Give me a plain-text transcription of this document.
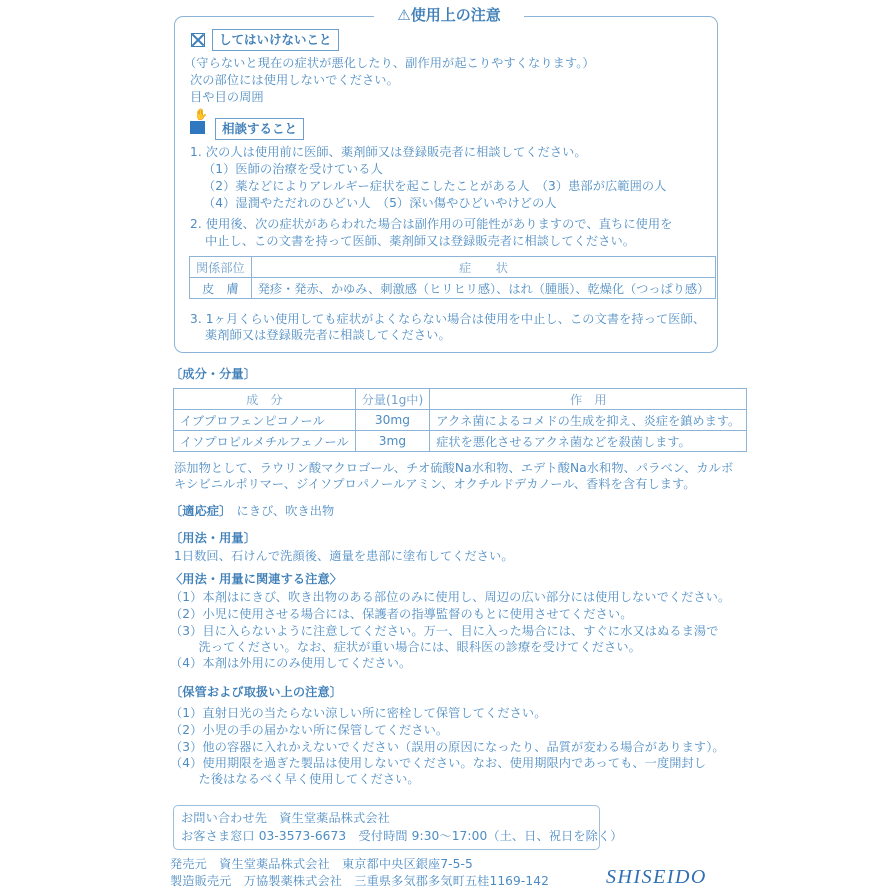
⚠使用上の注意
してはいけないこと
（守らないと現在の症状が悪化したり、副作用が起こりやすくなります。）
次の部位には使用しないでください。
目や目の周囲
✋
相談すること
1. 次の人は使用前に医師、薬剤師又は登録販売者に相談してください。
（1）医師の治療を受けている人
（2）薬などによりアレルギー症状を起こしたことがある人　（3）患部が広範囲の人
（4）湿潤やただれのひどい人　（5）深い傷やひどいやけどの人
2. 使用後、次の症状があらわれた場合は副作用の可能性がありますので、直ちに使用を
中止し、この文書を持って医師、薬剤師又は登録販売者に相談してください。
関係部位	症　　状
皮　膚	発疹・発赤、かゆみ、刺激感（ヒリヒリ感）、はれ（腫脹）、乾燥化（つっぱり感）
3. 1ヶ月くらい使用しても症状がよくならない場合は使用を中止し、この文書を持って医師、
薬剤師又は登録販売者に相談してください。
〔成分・分量〕
成　分	分量(1g中)	作　用
イブプロフェンピコノール	30mg	アクネ菌によるコメドの生成を抑え、炎症を鎮めます。
イソプロピルメチルフェノール	3mg	症状を悪化させるアクネ菌などを殺菌します。
添加物として、ラウリン酸マクロゴール、チオ硫酸Na水和物、エデト酸Na水和物、パラベン、カルボ
キシビニルポリマー、ジイソプロパノールアミン、オクチルドデカノール、香料を含有します。
〔適応症〕 にきび、吹き出物
〔用法・用量〕
1日数回、石けんで洗顔後、適量を患部に塗布してください。
〈用法・用量に関連する注意〉
（1）本剤はにきび、吹き出物のある部位のみに使用し、周辺の広い部分には使用しないでください。
（2）小児に使用させる場合には、保護者の指導監督のもとに使用させてください。
（3）目に入らないように注意してください。万一、目に入った場合には、すぐに水又はぬるま湯で
　　 洗ってください。なお、症状が重い場合には、眼科医の診療を受けてください。
（4）本剤は外用にのみ使用してください。
〔保管および取扱い上の注意〕
（1）直射日光の当たらない涼しい所に密栓して保管してください。
（2）小児の手の届かない所に保管してください。
（3）他の容器に入れかえないでください（誤用の原因になったり、品質が変わる場合があります）。
（4）使用期限を過ぎた製品は使用しないでください。なお、使用期限内であっても、一度開封し
　　 た後はなるべく早く使用してください。
お問い合わせ先　資生堂薬品株式会社
お客さま窓口 03-3573-6673　受付時間 9:30〜17:00（土、日、祝日を除く）
発売元　資生堂薬品株式会社　東京都中央区銀座7-5-5
製造販売元　万協製薬株式会社　三重県多気郡多気町五桂1169-142	SHISEIDO
